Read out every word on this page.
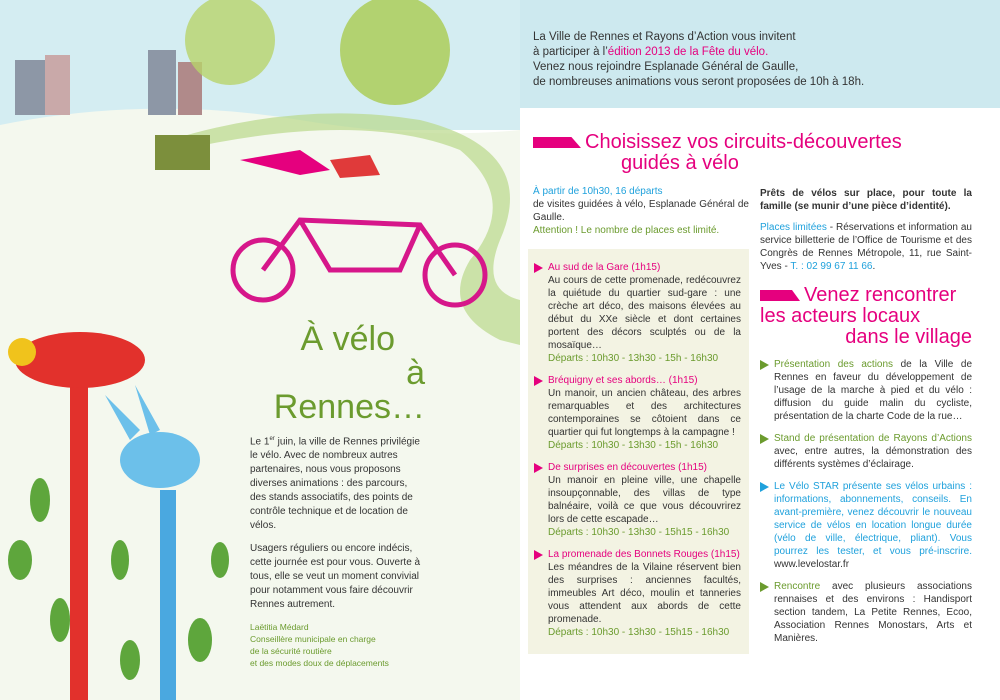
La Ville de Rennes et Rayons d’Action vous invitent
à participer à l’édition 2013 de la Fête du vélo.
Venez nous rejoindre Esplanade Général de Gaulle,
de nombreuses animations vous seront proposées de 10h à 18h.
Choisissez vos circuits-découvertes
guidés à vélo
À partir de 10h30, 16 départs
de visites guidées à vélo, Esplanade Général de Gaulle.
Attention ! Le nombre de places est limité.
Au sud de la Gare (1h15)
Au cours de cette promenade, redécouvrez la quiétude du quartier sud-gare : une crèche art déco, des maisons élevées au début du XXe siècle et dont certaines portent des décors sculptés ou de la mosaïque…
Départs : 10h30 - 13h30 - 15h - 16h30
Bréquigny et ses abords… (1h15)
Un manoir, un ancien château, des arbres remarquables et des architectures contemporaines se côtoient dans ce quartier qui fut longtemps à la campagne !
Départs : 10h30 - 13h30 - 15h - 16h30
De surprises en découvertes (1h15)
Un manoir en pleine ville, une chapelle insoupçonnable, des villas de type balnéaire, voilà ce que vous découvrirez lors de cette escapade…
Départs : 10h30 - 13h30 - 15h15 - 16h30
La promenade des Bonnets Rouges (1h15)
Les méandres de la Vilaine réservent bien des surprises : anciennes facultés, immeubles Art déco, moulin et tanneries vous attendent aux abords de cette promenade.
Départs : 10h30 - 13h30 - 15h15 - 16h30
Prêts de vélos sur place, pour toute la famille (se munir d’une pièce d’identité).
Places limitées - Réservations et information au service billetterie de l’Office de Tourisme et des Congrès de Rennes Métropole, 11, rue Saint-Yves - T. : 02 99 67 11 66.
Venez rencontrer
les acteurs locaux
dans le village
Présentation des actions de la Ville de Rennes en faveur du développement de l’usage de la marche à pied et du vélo : diffusion du guide malin du cycliste, présentation de la charte Code de la rue…
Stand de présentation de Rayons d’Actions avec, entre autres, la démonstration des différents systèmes d’éclairage.
Le Vélo STAR présente ses vélos urbains : informations, abonnements, conseils. En avant-première, venez découvrir le nouveau service de vélos en location longue durée (vélo de ville, électrique, pliant). Vous pourrez les tester, et vous pré-inscrire. www.levelostar.fr
Rencontre avec plusieurs associations rennaises et des environs : Handisport section tandem, La Petite Rennes, Ecoo, Association Rennes Monostars, Arts et Manières.
À vélo
à Rennes…

Le 1er juin, la ville de Rennes privilégie le vélo. Avec de nombreux autres partenaires, nous vous proposons diverses animations : des parcours, des stands associatifs, des points de contrôle technique et de location de vélos.

Usagers réguliers ou encore indécis, cette journée est pour vous. Ouverte à tous, elle se veut un moment convivial pour notamment vous faire découvrir Rennes autrement.

Laëtitia Médard
Conseillère municipale en charge
de la sécurité routière
et des modes doux de déplacements
